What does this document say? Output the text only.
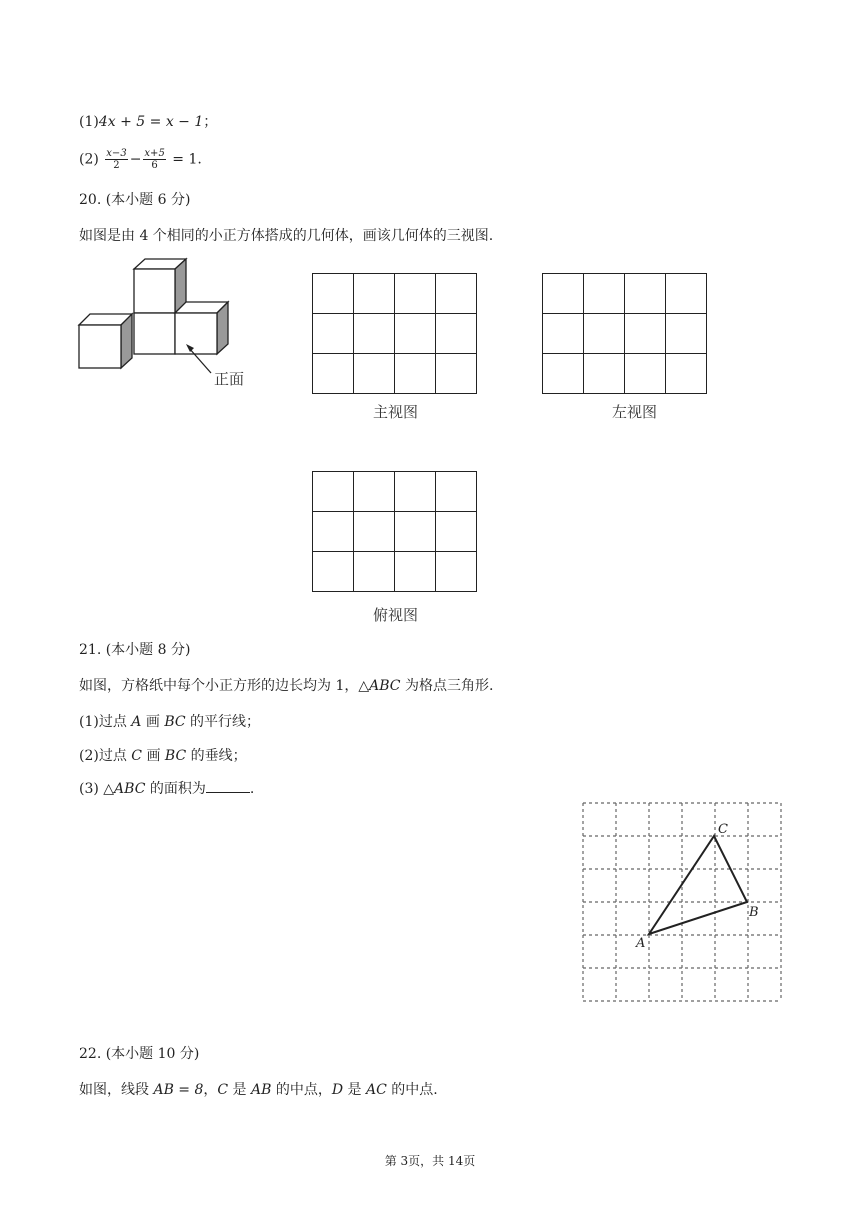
(1)4x + 5 = x − 1；
$(2) \frac{x-3}{2} - \frac{x+5}{6} = 1$.
20. (本小题 6 分)
如图是由 4 个相同的小正方体搭成的几何体，画该几何体的三视图.
正面
主视图	左视图
俯视图
21. (本小题 8 分)
如图，方格纸中每个小正方形的边长均为 1，△ABC 为格点三角形.
(1)过点 A 画 BC 的平行线；
(2)过点 C 画 BC 的垂线；
(3) △ABC 的面积为	.
C
B
A
22. (本小题 10 分)
如图，线段 AB = 8，C 是 AB 的中点，D 是 AC 的中点.
第 3页，共 14页
